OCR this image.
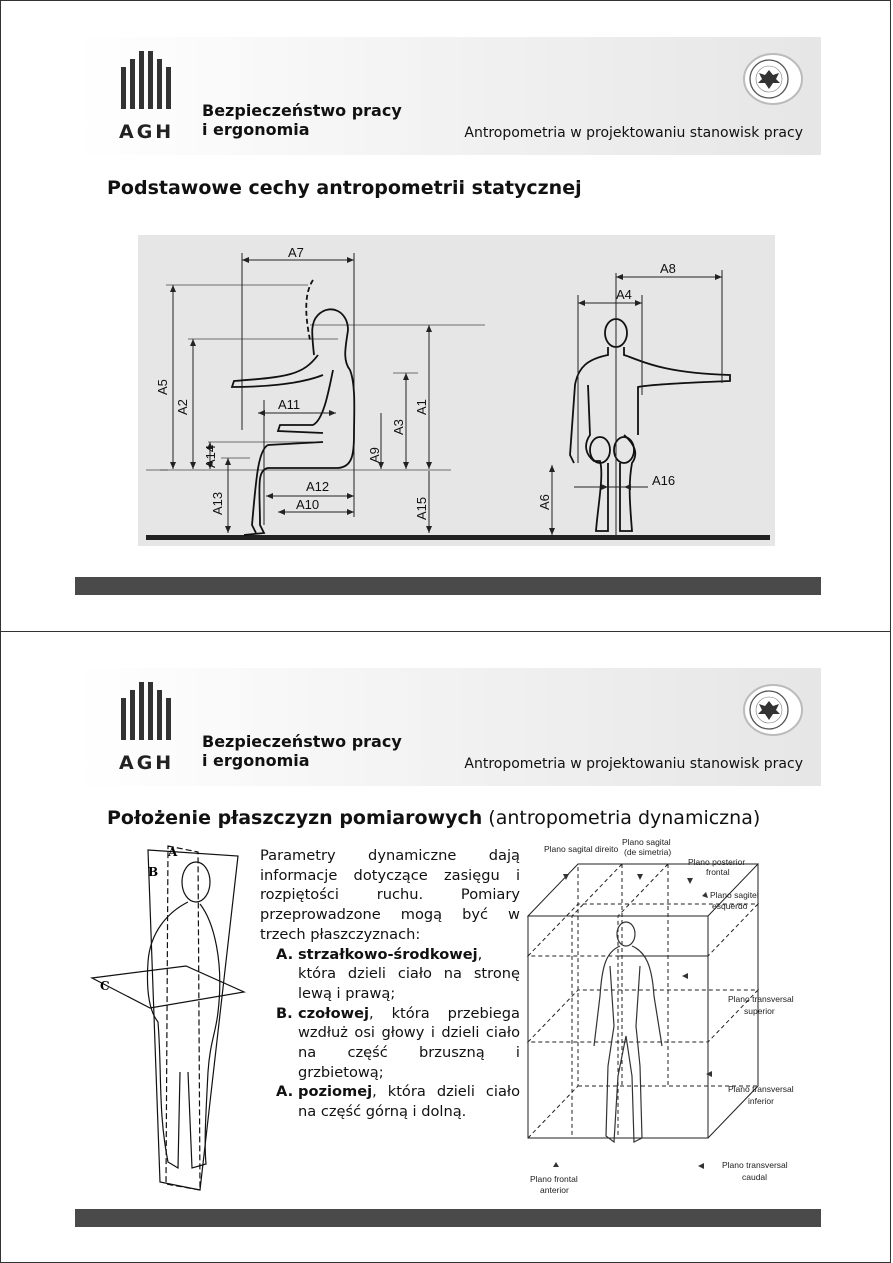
AGH
Bezpieczeństwo pracy
i ergonomia	Antropometria w projektowaniu stanowisk pracy
Podstawowe cechy antropometrii statycznej
A7
A5
A2	A11
A14
A13
A12
A10
A9
A3
A1
A15
A8
A4
A6
A16
AGH
Bezpieczeństwo pracy
i ergonomia	Antropometria w projektowaniu stanowisk pracy
Położenie płaszczyzn pomiarowych (antropometria dynamiczna)
A
B
C

Parametry dynamiczne dają informacje dotyczące zasięgu i rozpiętości ruchu. Pomiary przeprowadzone mogą być w trzech płaszczyznach:

A. strzałkowo-środkowej, która dzieli ciało na stronę lewą i prawą;
B. czołowej, która przebiega wzdłuż osi głowy i dzieli ciało na część brzuszną i grzbietową;
A. poziomej, która dzieli ciało na część górną i dolną.
Plano sagital direito
Plano sagital
(de simetria)
Plano posterior
frontal
Plano sagitel
esquerdo
Plano transversal
superior
Plano transversal
inferior
Plano transversal
caudal
Plano frontal
anterior
